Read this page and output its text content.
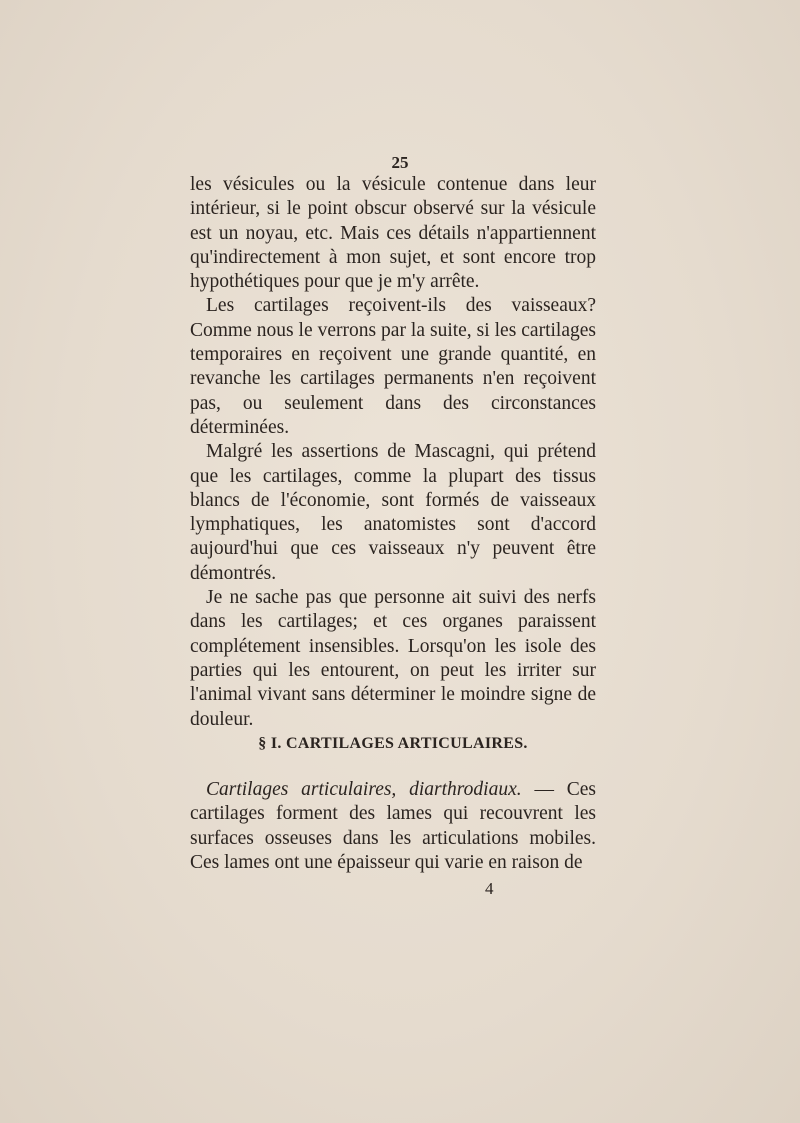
25

les vésicules ou la vésicule contenue dans leur intérieur, si le point obscur observé sur la vésicule est un noyau, etc. Mais ces détails n'appartiennent qu'indirectement à mon sujet, et sont encore trop hypothétiques pour que je m'y arrête.

Les cartilages reçoivent-ils des vaisseaux? Comme nous le verrons par la suite, si les cartilages temporaires en reçoivent une grande quantité, en revanche les cartilages permanents n'en reçoivent pas, ou seulement dans des circonstances déterminées.

Malgré les assertions de Mascagni, qui prétend que les cartilages, comme la plupart des tissus blancs de l'économie, sont formés de vaisseaux lymphatiques, les anatomistes sont d'accord aujourd'hui que ces vaisseaux n'y peuvent être démontrés.

Je ne sache pas que personne ait suivi des nerfs dans les cartilages; et ces organes paraissent complétement insensibles. Lorsqu'on les isole des parties qui les entourent, on peut les irriter sur l'animal vivant sans déterminer le moindre signe de douleur.

§ I. CARTILAGES ARTICULAIRES.

Cartilages articulaires, diarthrodiaux. — Ces cartilages forment des lames qui recouvrent les surfaces osseuses dans les articulations mobiles. Ces lames ont une épaisseur qui varie en raison de

4
